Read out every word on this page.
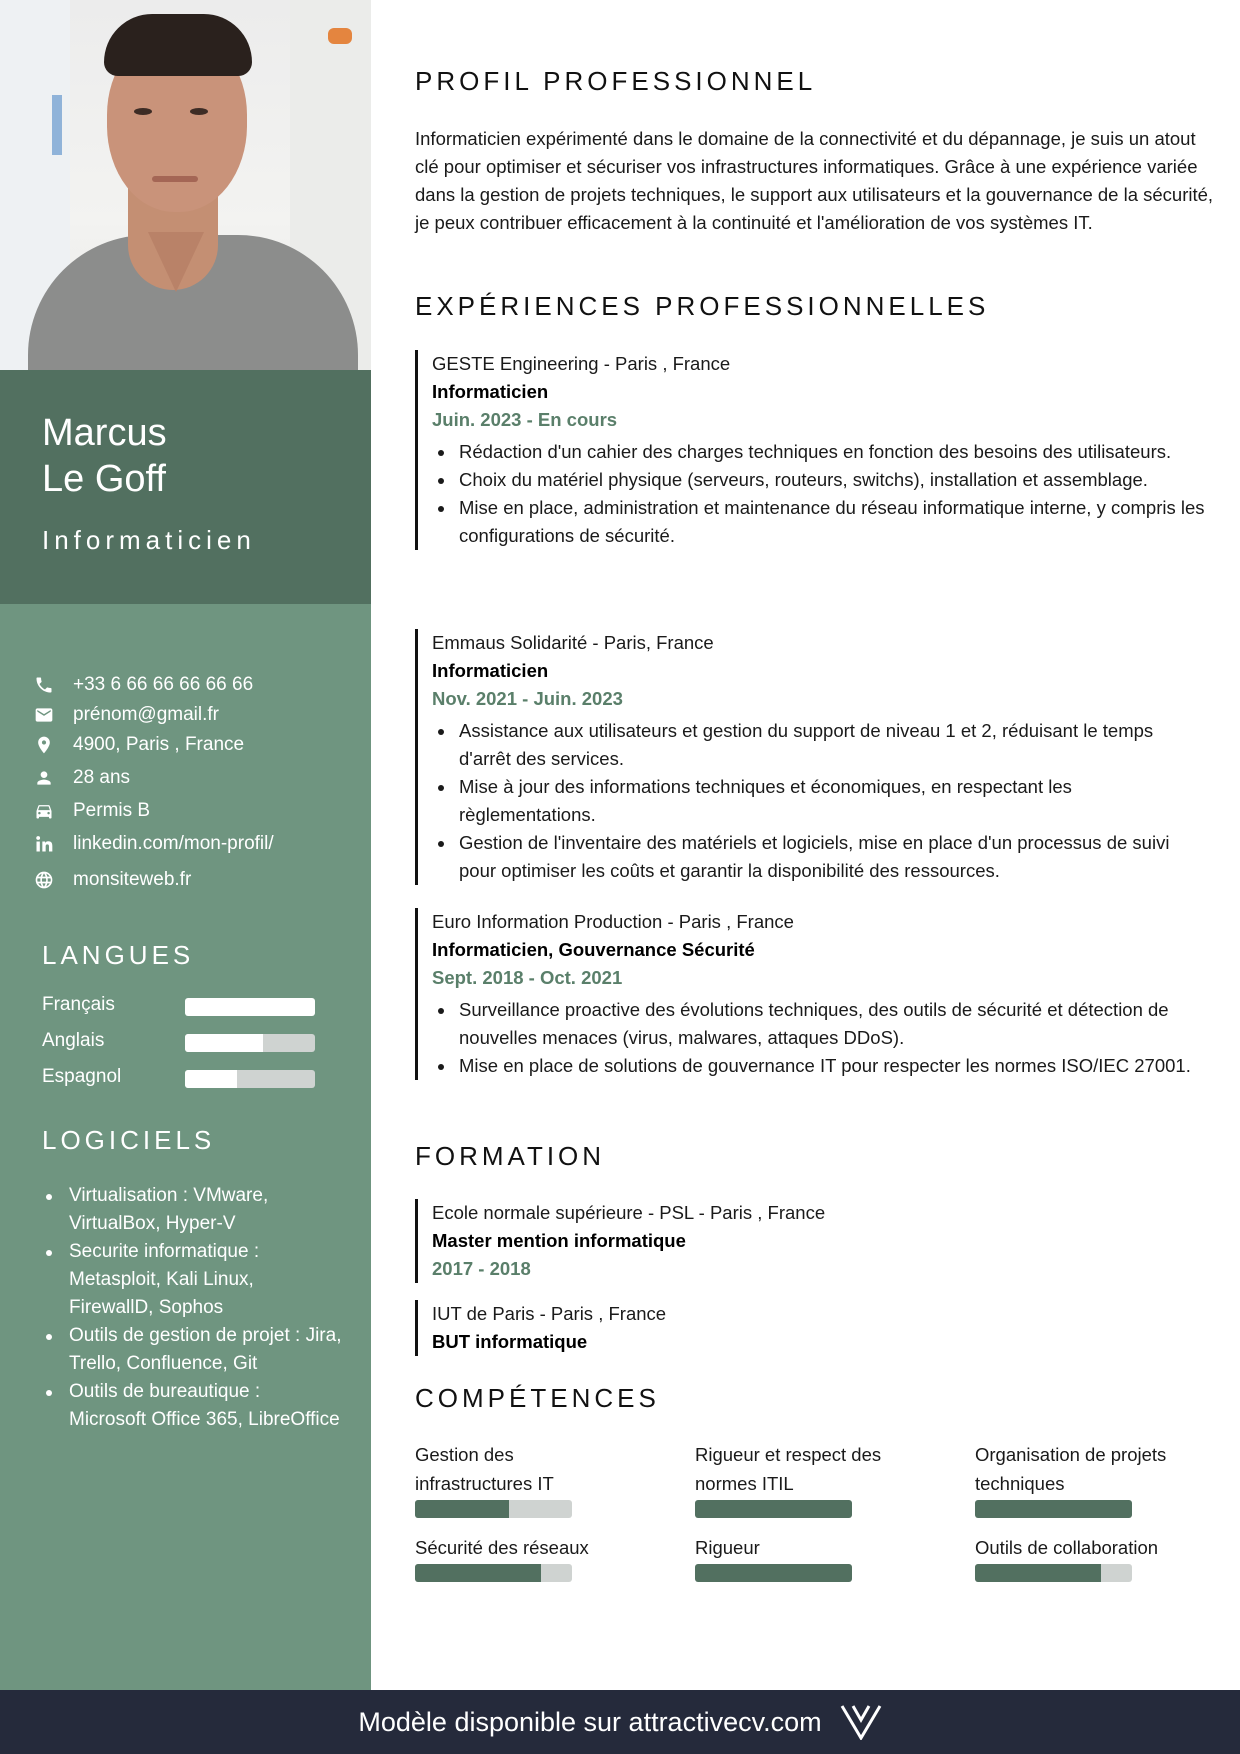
Marcus
Le Goff
Informaticien
+33 6 66 66 66 66 66
prénom@gmail.fr
4900, Paris , France
28 ans
Permis B
linkedin.com/mon-profil/
monsiteweb.fr
LANGUES
Français
Anglais
Espagnol
LOGICIELS
Virtualisation : VMware, VirtualBox, Hyper-V
Securite informatique : Metasploit, Kali Linux, FirewallD, Sophos
Outils de gestion de projet : Jira, Trello, Confluence, Git
Outils de bureautique : Microsoft Office 365, LibreOffice
PROFIL PROFESSIONNEL
Informaticien expérimenté dans le domaine de la connectivité et du dépannage, je suis un atout clé pour optimiser et sécuriser vos infrastructures informatiques. Grâce à une expérience variée dans la gestion de projets techniques, le support aux utilisateurs et la gouvernance de la sécurité, je peux contribuer efficacement à la continuité et l'amélioration de vos systèmes IT.
EXPÉRIENCES PROFESSIONNELLES
GESTE Engineering - Paris , France
Informaticien
Juin. 2023 - En cours
Rédaction d'un cahier des charges techniques en fonction des besoins des utilisateurs.
Choix du matériel physique (serveurs, routeurs, switchs), installation et assemblage.
Mise en place, administration et maintenance du réseau informatique interne, y compris les configurations de sécurité.
Emmaus Solidarité - Paris, France
Informaticien
Nov. 2021 - Juin. 2023
Assistance aux utilisateurs et gestion du support de niveau 1 et 2, réduisant le temps d'arrêt des services.
Mise à jour des informations techniques et économiques, en respectant les règlementations.
Gestion de l'inventaire des matériels et logiciels, mise en place d'un processus de suivi pour optimiser les coûts et garantir la disponibilité des ressources.
Euro Information Production - Paris , France
Informaticien, Gouvernance Sécurité
Sept. 2018 - Oct. 2021
Surveillance proactive des évolutions techniques, des outils de sécurité et détection de nouvelles menaces (virus, malwares, attaques DDoS).
Mise en place de solutions de gouvernance IT pour respecter les normes ISO/IEC 27001.
FORMATION
Ecole normale supérieure - PSL - Paris , France
Master mention informatique
2017 - 2018
IUT de Paris - Paris , France
BUT informatique
COMPÉTENCES
Gestion des infrastructures IT
Rigueur et respect des normes ITIL
Organisation de projets techniques
Sécurité des réseaux	Rigueur	Outils de collaboration
Modèle disponible sur attractivecv.com
